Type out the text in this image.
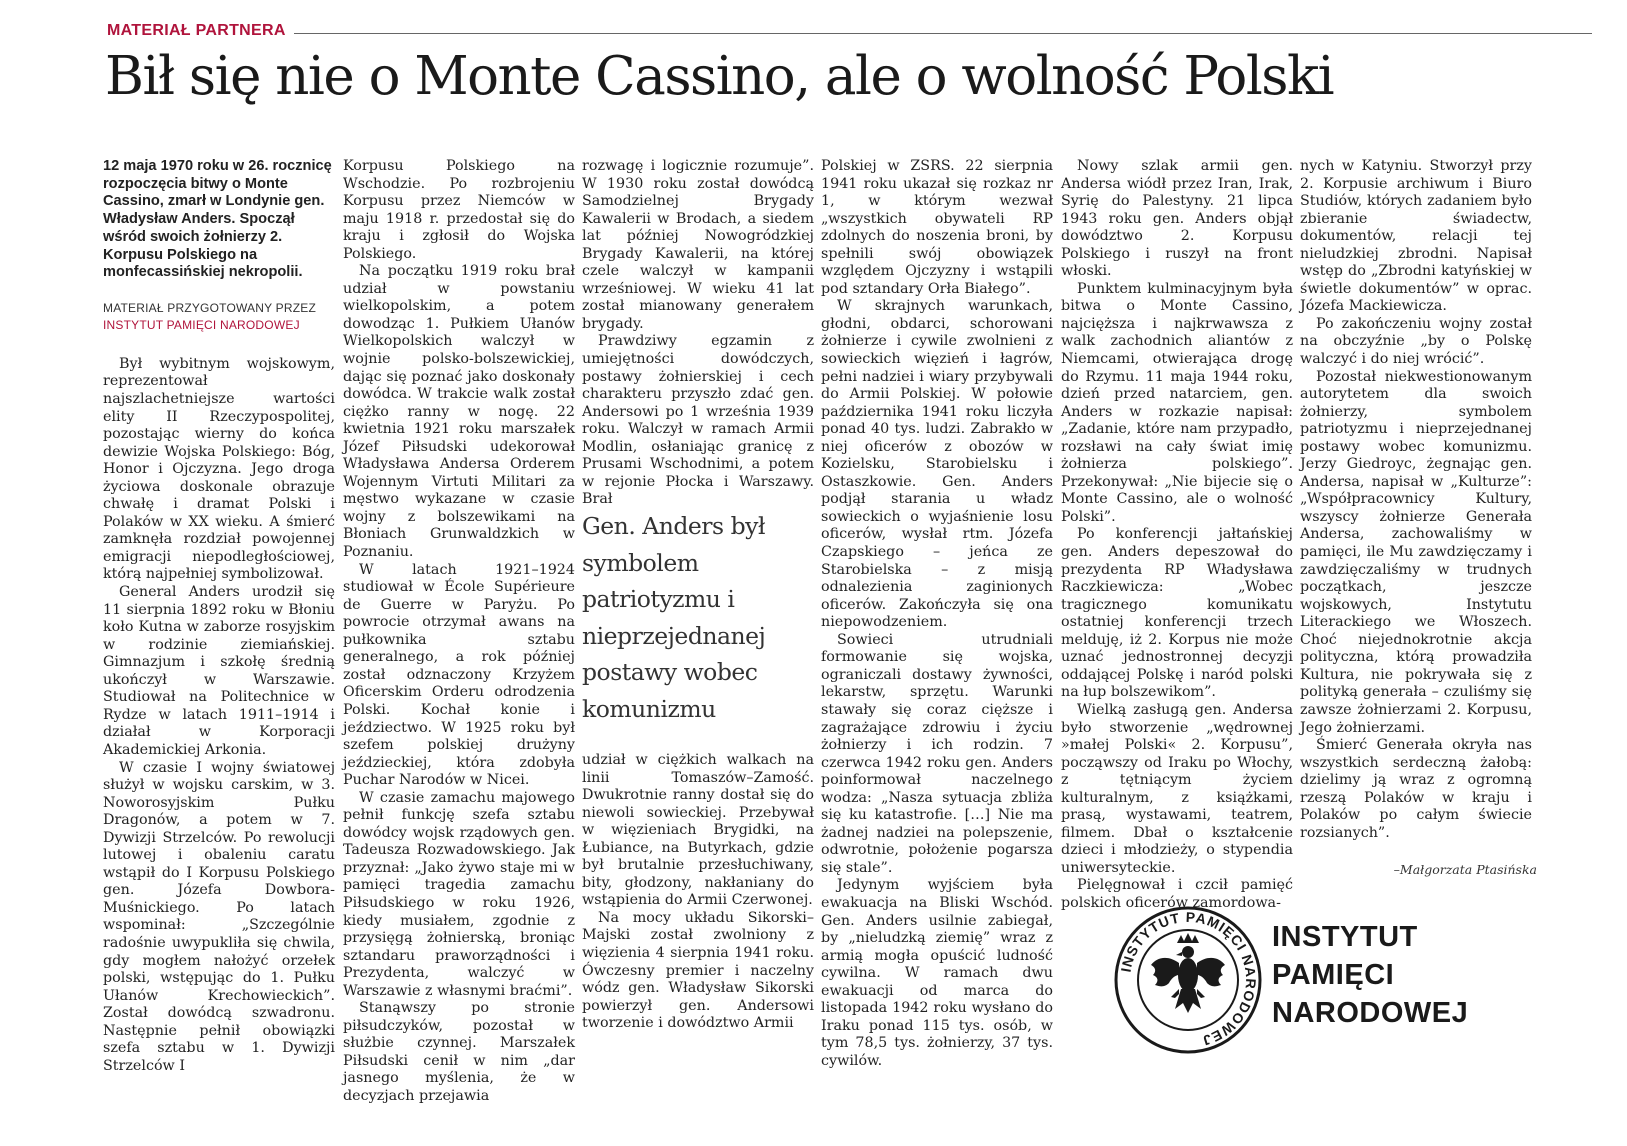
MATERIAŁ PARTNERA
Bił się nie o Monte Cassino, ale o wolność Polski

12 maja 1970 roku w 26. rocznicę rozpoczęcia bitwy o Monte Cassino, zmarł w Londynie gen. Władysław Anders. Spoczął wśród swoich żołnierzy 2. Korpusu Polskiego na monfecassińskiej nekropolii.

MATERIAŁ PRZYGOTOWANY PRZEZ
INSTYTUT PAMIĘCI NARODOWEJ

Był wybitnym wojskowym, reprezentował najszlachetniejsze wartości elity II Rzeczypospolitej, pozostając wierny do końca dewizie Wojska Polskiego: Bóg, Honor i Ojczyzna. Jego droga życiowa doskonale obrazuje chwałę i dramat Polski i Polaków w XX wieku. A śmierć zamknęła rozdział powojennej emigracji niepodległościowej, którą najpełniej symbolizował.

General Anders urodził się 11 sierpnia 1892 roku w Błoniu koło Kutna w zaborze rosyjskim w rodzinie ziemiańskiej. Gimnazjum i szkołę średnią ukończył w Warszawie. Studiował na Politechnice w Rydze w latach 1911–1914 i działał w Korporacji Akademickiej Arkonia.

W czasie I wojny światowej służył w wojsku carskim, w 3. Noworosyjskim Pułku Dragonów, a potem w 7. Dywizji Strzelców. Po rewolucji lutowej i obaleniu caratu wstąpił do I Korpusu Polskiego gen. Józefa Dowbora-Muśnickiego. Po latach wspominał: „Szczególnie radośnie uwypukliła się chwila, gdy mogłem nałożyć orzełek polski, wstępując do 1. Pułku Ułanów Krechowieckich”. Został dowódcą szwadronu. Następnie pełnił obowiązki szefa sztabu w 1. Dywizji Strzelców I

Korpusu Polskiego na Wschodzie. Po rozbrojeniu Korpusu przez Niemców w maju 1918 r. przedostał się do kraju i zgłosił do Wojska Polskiego.

Na początku 1919 roku brał udział w powstaniu wielkopolskim, a potem dowodząc 1. Pułkiem Ułanów Wielkopolskich walczył w wojnie polsko-bolszewickiej, dając się poznać jako doskonały dowódca. W trakcie walk został ciężko ranny w nogę. 22 kwietnia 1921 roku marszałek Józef Piłsudski udekorował Władysława Andersa Orderem Wojennym Virtuti Militari za męstwo wykazane w czasie wojny z bolszewikami na Błoniach Grunwaldzkich w Poznaniu.

W latach 1921–1924 studiował w École Supérieure de Guerre w Paryżu. Po powrocie otrzymał awans na pułkownika sztabu generalnego, a rok później został odznaczony Krzyżem Oficerskim Orderu odrodzenia Polski. Kochał konie i jeździectwo. W 1925 roku był szefem polskiej drużyny jeździeckiej, która zdobyła Puchar Narodów w Nicei.

W czasie zamachu majowego pełnił funkcję szefa sztabu dowódcy wojsk rządowych gen. Tadeusza Rozwadowskiego. Jak przyznał: „Jako żywo staje mi w pamięci tragedia zamachu Piłsudskiego w roku 1926, kiedy musiałem, zgodnie z przysięgą żołnierską, broniąc sztandaru praworządności i Prezydenta, walczyć w Warszawie z własnymi braćmi”.

Stanąwszy po stronie piłsudczyków, pozostał w służbie czynnej. Marszałek Piłsudski cenił w nim „dar jasnego myślenia, że w decyzjach przejawia

rozwagę i logicznie rozumuje”. W 1930 roku został dowódcą Samodzielnej Brygady Kawalerii w Brodach, a siedem lat później Nowogródzkiej Brygady Kawalerii, na której czele walczył w kampanii wrześniowej. W wieku 41 lat został mianowany generałem brygady.

Prawdziwy egzamin z umiejętności dowódczych, postawy żołnierskiej i cech charakteru przyszło zdać gen. Andersowi po 1 września 1939 roku. Walczył w ramach Armii Modlin, osłaniając granicę z Prusami Wschodnimi, a potem w rejonie Płocka i Warszawy. Brał

Gen. Anders był symbolem patriotyzmu i nieprzejednanej postawy wobec komunizmu

udział w ciężkich walkach na linii Tomaszów–Zamość. Dwukrotnie ranny dostał się do niewoli sowieckiej. Przebywał w więzieniach Brygidki, na Łubiance, na Butyrkach, gdzie był brutalnie przesłuchiwany, bity, głodzony, nakłaniany do wstąpienia do Armii Czerwonej.

Na mocy układu Sikorski–Majski został zwolniony z więzienia 4 sierpnia 1941 roku. Ówczesny premier i naczelny wódz gen. Władysław Sikorski powierzył gen. Andersowi tworzenie i dowództwo Armii

Polskiej w ZSRS. 22 sierpnia 1941 roku ukazał się rozkaz nr 1, w którym wezwał „wszystkich obywateli RP zdolnych do noszenia broni, by spełnili swój obowiązek względem Ojczyzny i wstąpili pod sztandary Orła Białego”.

W skrajnych warunkach, głodni, obdarci, schorowani żołnierze i cywile zwolnieni z sowieckich więzień i łagrów, pełni nadziei i wiary przybywali do Armii Polskiej. W połowie października 1941 roku liczyła ponad 40 tys. ludzi. Zabrakło w niej oficerów z obozów w Kozielsku, Starobielsku i Ostaszkowie. Gen. Anders podjął starania u władz sowieckich o wyjaśnienie losu oficerów, wysłał rtm. Józefa Czapskiego – jeńca ze Starobielska – z misją odnalezienia zaginionych oficerów. Zakończyła się ona niepowodzeniem.

Sowieci utrudniali formowanie się wojska, ograniczali dostawy żywności, lekarstw, sprzętu. Warunki stawały się coraz cięższe i zagrażające zdrowiu i życiu żołnierzy i ich rodzin. 7 czerwca 1942 roku gen. Anders poinformował naczelnego wodza: „Nasza sytuacja zbliża się ku katastrofie. […] Nie ma żadnej nadziei na polepszenie, odwrotnie, położenie pogarsza się stale”.

Jedynym wyjściem była ewakuacja na Bliski Wschód. Gen. Anders usilnie zabiegał, by „nieludzką ziemię” wraz z armią mogła opuścić ludność cywilna. W ramach dwu ewakuacji od marca do listopada 1942 roku wysłano do Iraku ponad 115 tys. osób, w tym 78,5 tys. żołnierzy, 37 tys. cywilów.

Nowy szlak armii gen. Andersa wiódł przez Iran, Irak, Syrię do Palestyny. 21 lipca 1943 roku gen. Anders objął dowództwo 2. Korpusu Polskiego i ruszył na front włoski.

Punktem kulminacyjnym była bitwa o Monte Cassino, najcięższa i najkrwawsza z walk zachodnich aliantów z Niemcami, otwierająca drogę do Rzymu. 11 maja 1944 roku, dzień przed natarciem, gen. Anders w rozkazie napisał: „Zadanie, które nam przypadło, rozsławi na cały świat imię żołnierza polskiego”. Przekonywał: „Nie bijecie się o Monte Cassino, ale o wolność Polski”.

Po konferencji jałtańskiej gen. Anders depeszował do prezydenta RP Władysława Raczkiewicza: „Wobec tragicznego komunikatu ostatniej konferencji trzech melduję, iż 2. Korpus nie może uznać jednostronnej decyzji oddającej Polskę i naród polski na łup bolszewikom”.

Wielką zasługą gen. Andersa było stworzenie „wędrownej »małej Polski« 2. Korpusu”, począwszy od Iraku po Włochy, z tętniącym życiem kulturalnym, z książkami, prasą, wystawami, teatrem, filmem. Dbał o kształcenie dzieci i młodzieży, o stypendia uniwersyteckie.

Pielęgnował i czcił pamięć polskich oficerów zamordowa-

nych w Katyniu. Stworzył przy 2. Korpusie archiwum i Biuro Studiów, których zadaniem było zbieranie świadectw, dokumentów, relacji tej nieludzkiej zbrodni. Napisał wstęp do „Zbrodni katyńskiej w świetle dokumentów” w oprac. Józefa Mackiewicza.

Po zakończeniu wojny został na obczyźnie „by o Polskę walczyć i do niej wrócić”.

Pozostał niekwestionowanym autorytetem dla swoich żołnierzy, symbolem patriotyzmu i nieprzejednanej postawy wobec komunizmu. Jerzy Giedroyc, żegnając gen. Andersa, napisał w „Kulturze”: „Współpracownicy Kultury, wszyscy żołnierze Generała Andersa, zachowaliśmy w pamięci, ile Mu zawdzięczamy i zawdzięczaliśmy w trudnych początkach, jeszcze wojskowych, Instytutu Literackiego we Włoszech. Choć niejednokrotnie akcja polityczna, którą prowadziła Kultura, nie pokrywała się z polityką generała – czuliśmy się zawsze żołnierzami 2. Korpusu, Jego żołnierzami.

Śmierć Generała okryła nas wszystkich serdeczną żałobą: dzielimy ją wraz z ogromną rzeszą Polaków w kraju i Polaków po całym świecie rozsianych”.

–Małgorzata Ptasińska
INSTYTUT PAMIĘCI NARODOWEJ
INSTYTUT
PAMIĘCI
NARODOWEJ
